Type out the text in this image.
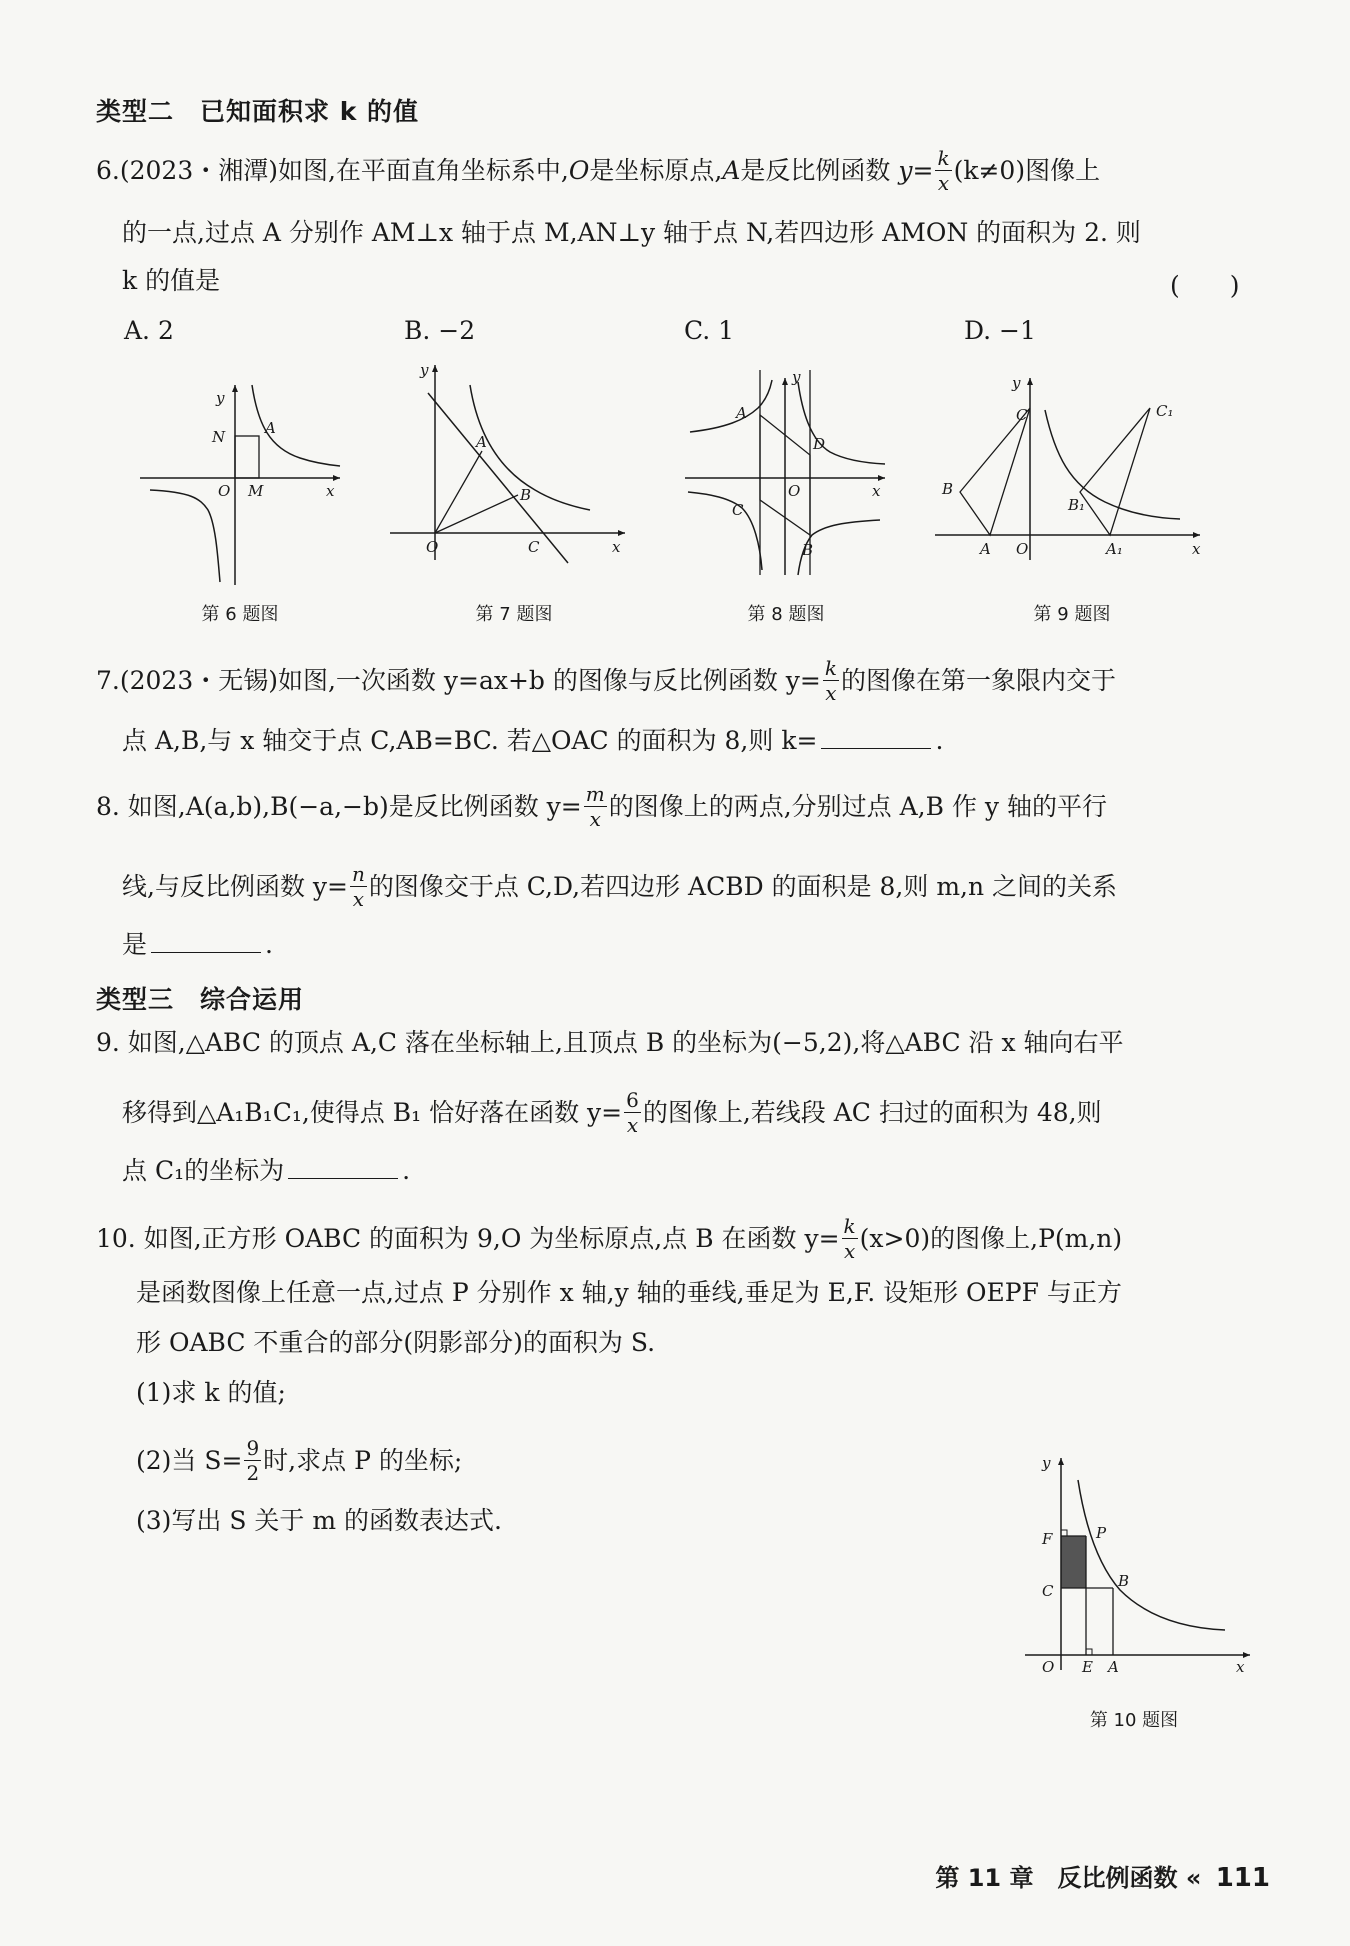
类型二　已知面积求 k 的值
6.(2023・湘潭)如图,在平面直角坐标系中,O是坐标原点,A是反比例函数 $y= \frac{k}{x} (k\ne 0)$图像上
的一点,过点 A 分别作 AM⊥x 轴于点 M,AN⊥y 轴于点 N,若四边形 AMON 的面积为 2. 则
k 的值是	(　　)
A. 2	B. −2	C. 1	D. −1
y
N	A
O M	x
y
A
B
O	C	x
y
A
D
O	x
C
B
y
C	C₁
B
B₁
A O	A₁	x
第 6 题图	第 7 题图	第 8 题图	第 9 题图
7.(2023・无锡)如图,一次函数 y=ax+b 的图像与反比例函数 $y= \frac{k}{x}$ 的图像在第一象限内交于
点 A,B,与 x 轴交于点 C,AB=BC. 若△OAC 的面积为 8,则 k=	.
8. 如图,A(a,b),B(−a,−b)是反比例函数 $y= \frac{m}{x}$ 的图像上的两点,分别过点 A,B 作 y 轴的平行
线,与反比例函数 $y= \frac{n}{x}$ 的图像交于点 C,D,若四边形 ACBD 的面积是 8,则 m,n 之间的关系
是	.
类型三　综合运用
9. 如图,△ABC 的顶点 A,C 落在坐标轴上,且顶点 B 的坐标为(−5,2),将△ABC 沿 x 轴向右平
移得到△A₁B₁C₁,使得点 B₁ 恰好落在函数 $y= \frac{6}{x}$ 的图像上,若线段 AC 扫过的面积为 48,则
点 C₁的坐标为	.
10. 如图,正方形 OABC 的面积为 9,O 为坐标原点,点 B 在函数 $y= \frac{k}{x} (x>0)$的图像上,P(m,n)
是函数图像上任意一点,过点 P 分别作 x 轴,y 轴的垂线,垂足为 E,F. 设矩形 OEPF 与正方
形 OABC 不重合的部分(阴影部分)的面积为 S.
(1)求 k 的值;
(2)当 $S= \frac{9}{2}$ 时,求点 P 的坐标;
(3)写出 S 关于 m 的函数表达式.
y
F	P
C
B
O E A	x
第 10 题图
第 11 章　反比例函数 « 111
